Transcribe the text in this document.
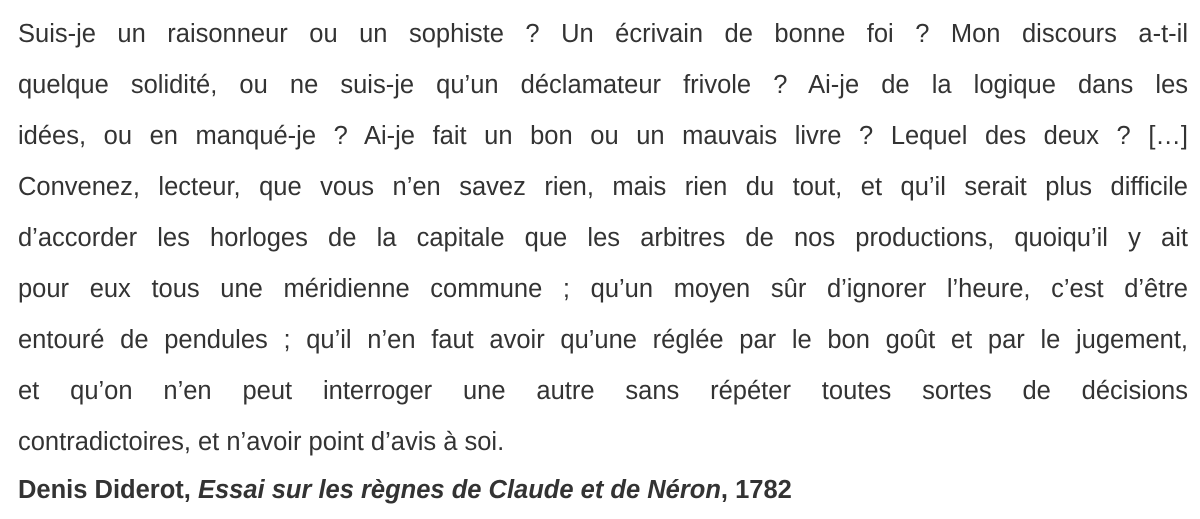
Suis-je un raisonneur ou un sophiste ? Un écrivain de bonne foi ? Mon discours a-t-il
quelque solidité, ou ne suis-je qu’un déclamateur frivole ? Ai-je de la logique dans les
idées, ou en manqué-je ? Ai-je fait un bon ou un mauvais livre ? Lequel des deux ? […]
Convenez, lecteur, que vous n’en savez rien, mais rien du tout, et qu’il serait plus difficile
d’accorder les horloges de la capitale que les arbitres de nos productions, quoiqu’il y ait
pour eux tous une méridienne commune ; qu’un moyen sûr d’ignorer l’heure, c’est d’être
entouré de pendules ; qu’il n’en faut avoir qu’une réglée par le bon goût et par le jugement,
et qu’on n’en peut interroger une autre sans répéter toutes sortes de décisions
contradictoires, et n’avoir point d’avis à soi.
Denis Diderot, Essai sur les règnes de Claude et de Néron, 1782
